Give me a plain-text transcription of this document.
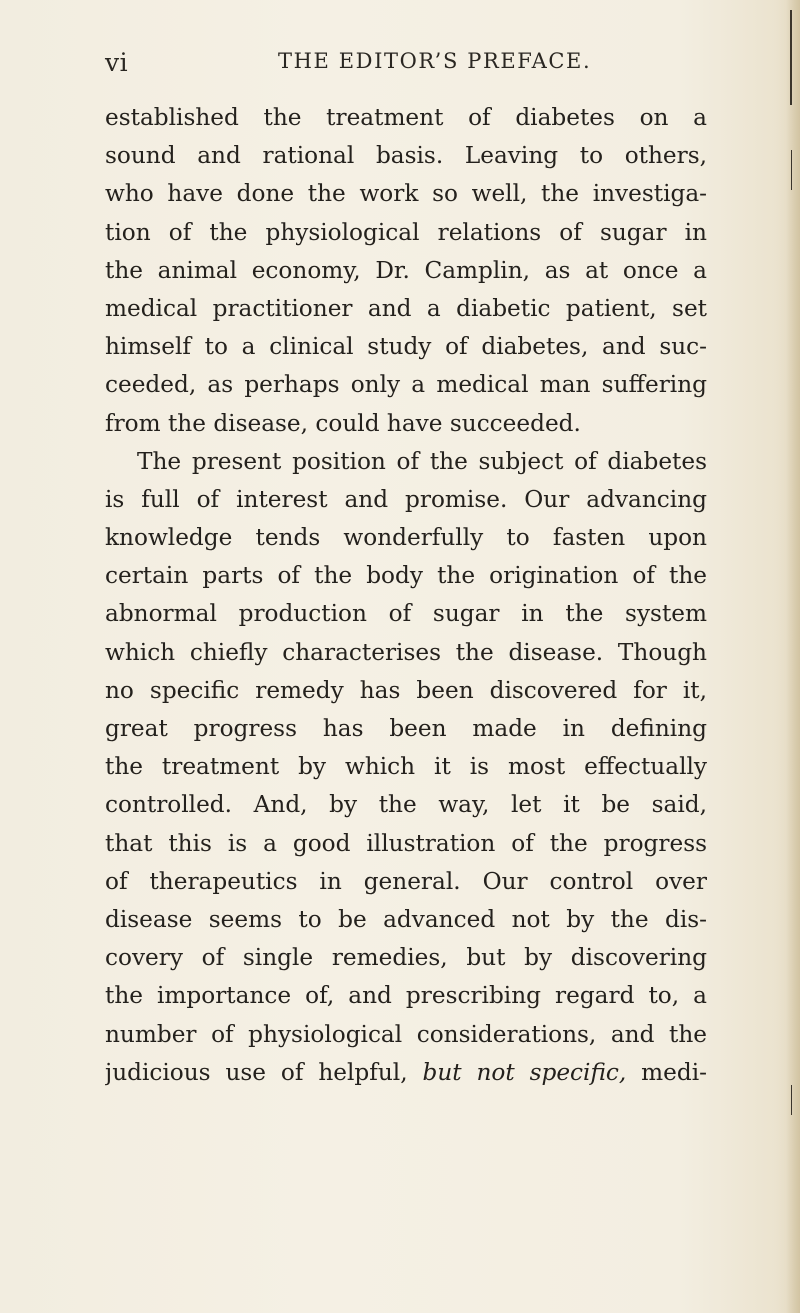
vi	THE EDITOR’S PREFACE.
established the treatment of diabetes on a
sound and rational basis. Leaving to others,
who have done the work so well, the investiga-
tion of the physiological relations of sugar in
the animal economy, Dr. Camplin, as at once a
medical practitioner and a diabetic patient, set
himself to a clinical study of diabetes, and suc-
ceeded, as perhaps only a medical man suffering
from the disease, could have succeeded.
The present position of the subject of diabetes
is full of interest and promise. Our advancing
knowledge tends wonderfully to fasten upon
certain parts of the body the origination of the
abnormal production of sugar in the system
which chiefly characterises the disease. Though
no specific remedy has been discovered for it,
great progress has been made in defining
the treatment by which it is most effectually
controlled. And, by the way, let it be said,
that this is a good illustration of the progress
of therapeutics in general. Our control over
disease seems to be advanced not by the dis-
covery of single remedies, but by discovering
the importance of, and prescribing regard to, a
number of physiological considerations, and the
judicious use of helpful, but not specific, medi-
